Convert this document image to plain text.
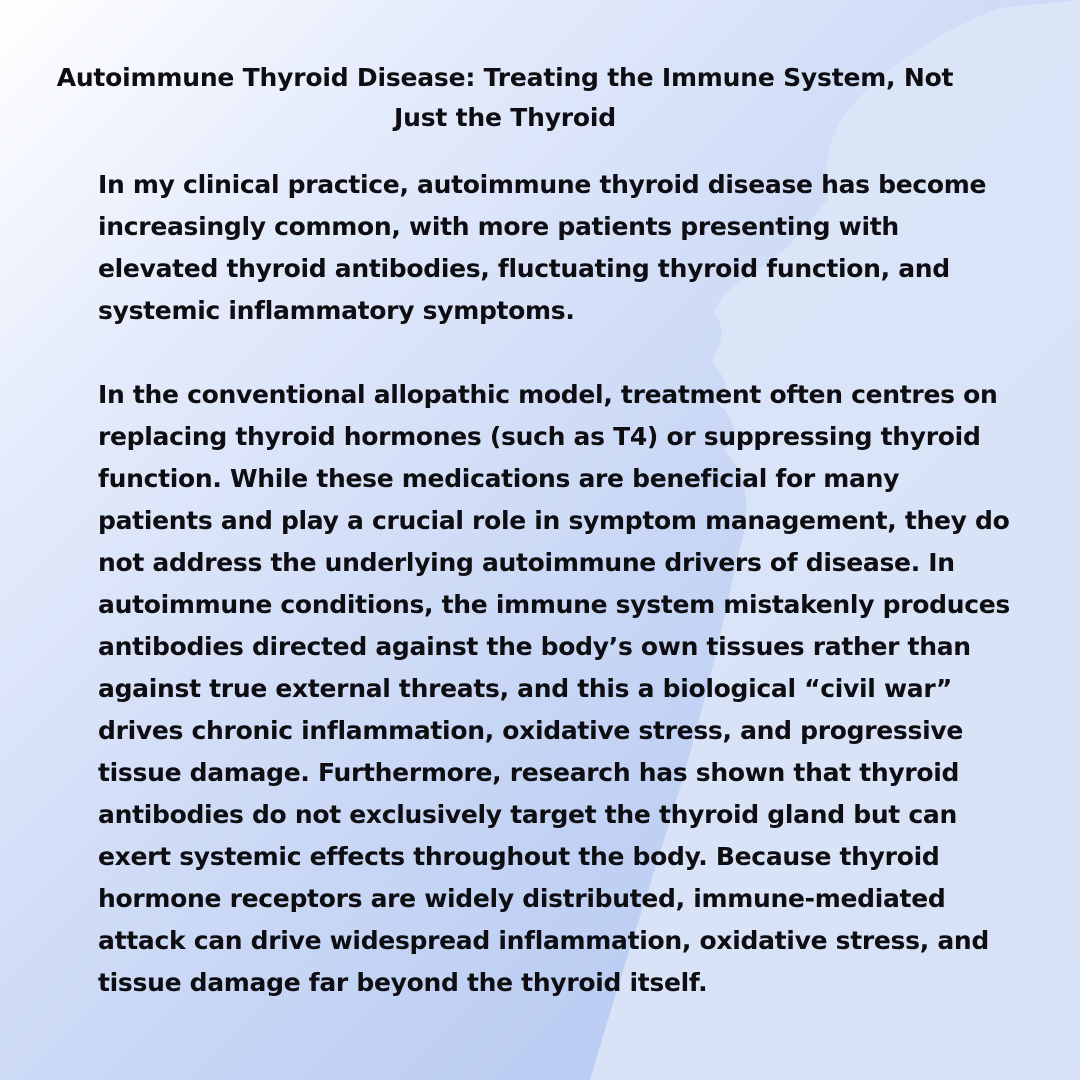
Autoimmune Thyroid Disease: Treating the Immune System, Not Just the Thyroid

In my clinical practice, autoimmune thyroid disease has become increasingly common, with more patients presenting with elevated thyroid antibodies, fluctuating thyroid function, and systemic inflammatory symptoms.

In the conventional allopathic model, treatment often centres on replacing thyroid hormones (such as T4) or suppressing thyroid function. While these medications are beneficial for many patients and play a crucial role in symptom management, they do not address the underlying autoimmune drivers of disease. In autoimmune conditions, the immune system mistakenly produces antibodies directed against the body’s own tissues rather than against true external threats, and this a biological “civil war” drives chronic inflammation, oxidative stress, and progressive tissue damage. Furthermore, research has shown that thyroid antibodies do not exclusively target the thyroid gland but can exert systemic effects throughout the body. Because thyroid hormone receptors are widely distributed, immune-mediated attack can drive widespread inflammation, oxidative stress, and tissue damage far beyond the thyroid itself.
